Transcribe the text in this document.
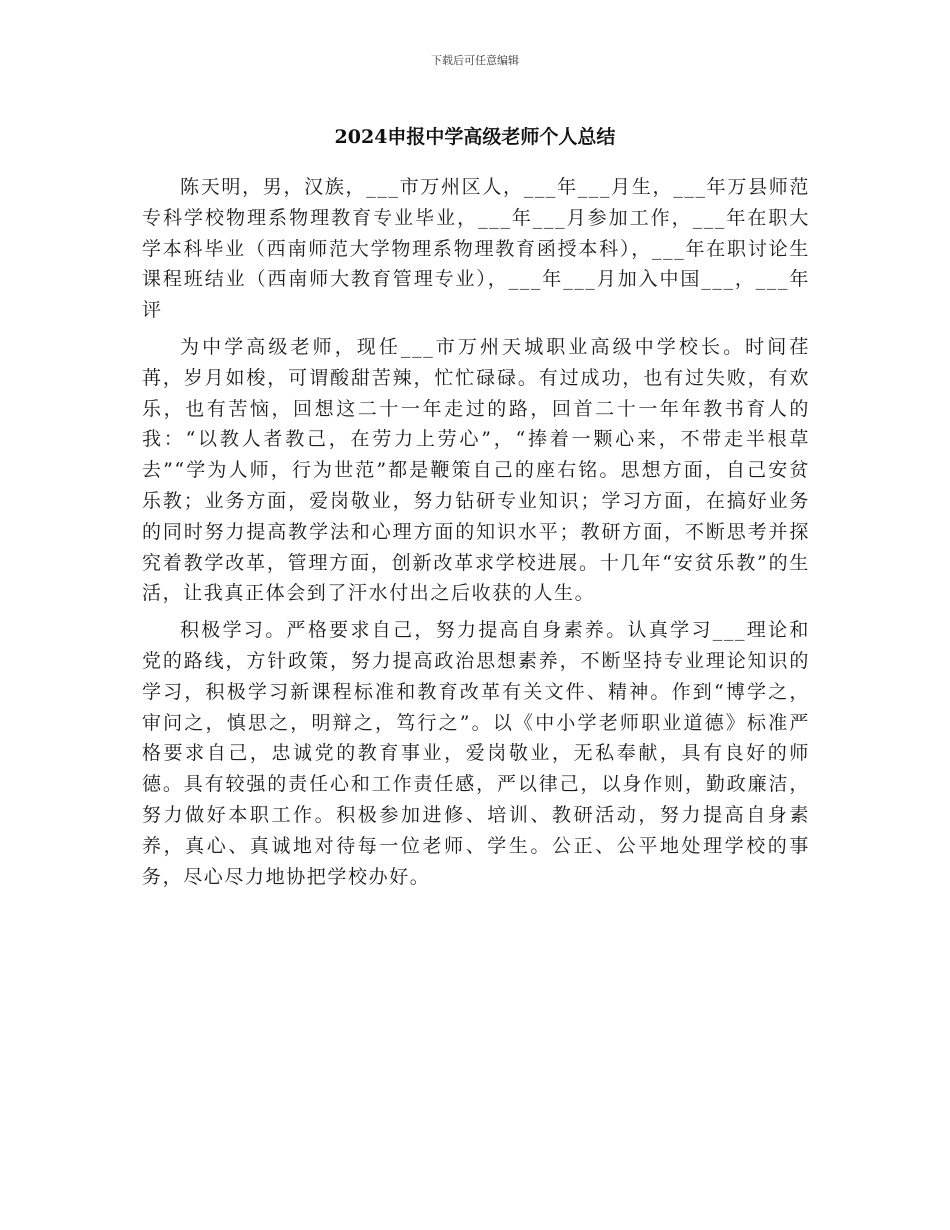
下载后可任意编辑
2024申报中学高级老师个人总结

陈天明，男，汉族，___市万州区人，___年___月生，___年万县师范专科学校物理系物理教育专业毕业，___年___月参加工作，___年在职大学本科毕业（西南师范大学物理系物理教育函授本科），___年在职讨论生课程班结业（西南师大教育管理专业），___年___月加入中国___，___年评

为中学高级老师，现任___市万州天城职业高级中学校长。时间荏苒，岁月如梭，可谓酸甜苦辣，忙忙碌碌。有过成功，也有过失败，有欢乐，也有苦恼，回想这二十一年走过的路，回首二十一年年教书育人的我：“以教人者教己，在劳力上劳心”，“捧着一颗心来，不带走半根草去”“学为人师，行为世范”都是鞭策自己的座右铭。思想方面，自己安贫乐教；业务方面，爱岗敬业，努力钻研专业知识；学习方面，在搞好业务的同时努力提高教学法和心理方面的知识水平；教研方面，不断思考并探究着教学改革，管理方面，创新改革求学校进展。十几年“安贫乐教”的生活，让我真正体会到了汗水付出之后收获的人生。

积极学习。严格要求自己，努力提高自身素养。认真学习___理论和党的路线，方针政策，努力提高政治思想素养，不断坚持专业理论知识的学习，积极学习新课程标准和教育改革有关文件、精神。作到“博学之，审问之，慎思之，明辩之，笃行之”。以《中小学老师职业道德》标准严格要求自己，忠诚党的教育事业，爱岗敬业，无私奉献，具有良好的师德。具有较强的责任心和工作责任感，严以律己，以身作则，勤政廉洁，努力做好本职工作。积极参加进修、培训、教研活动，努力提高自身素养，真心、真诚地对待每一位老师、学生。公正、公平地处理学校的事务，尽心尽力地协把学校办好。
